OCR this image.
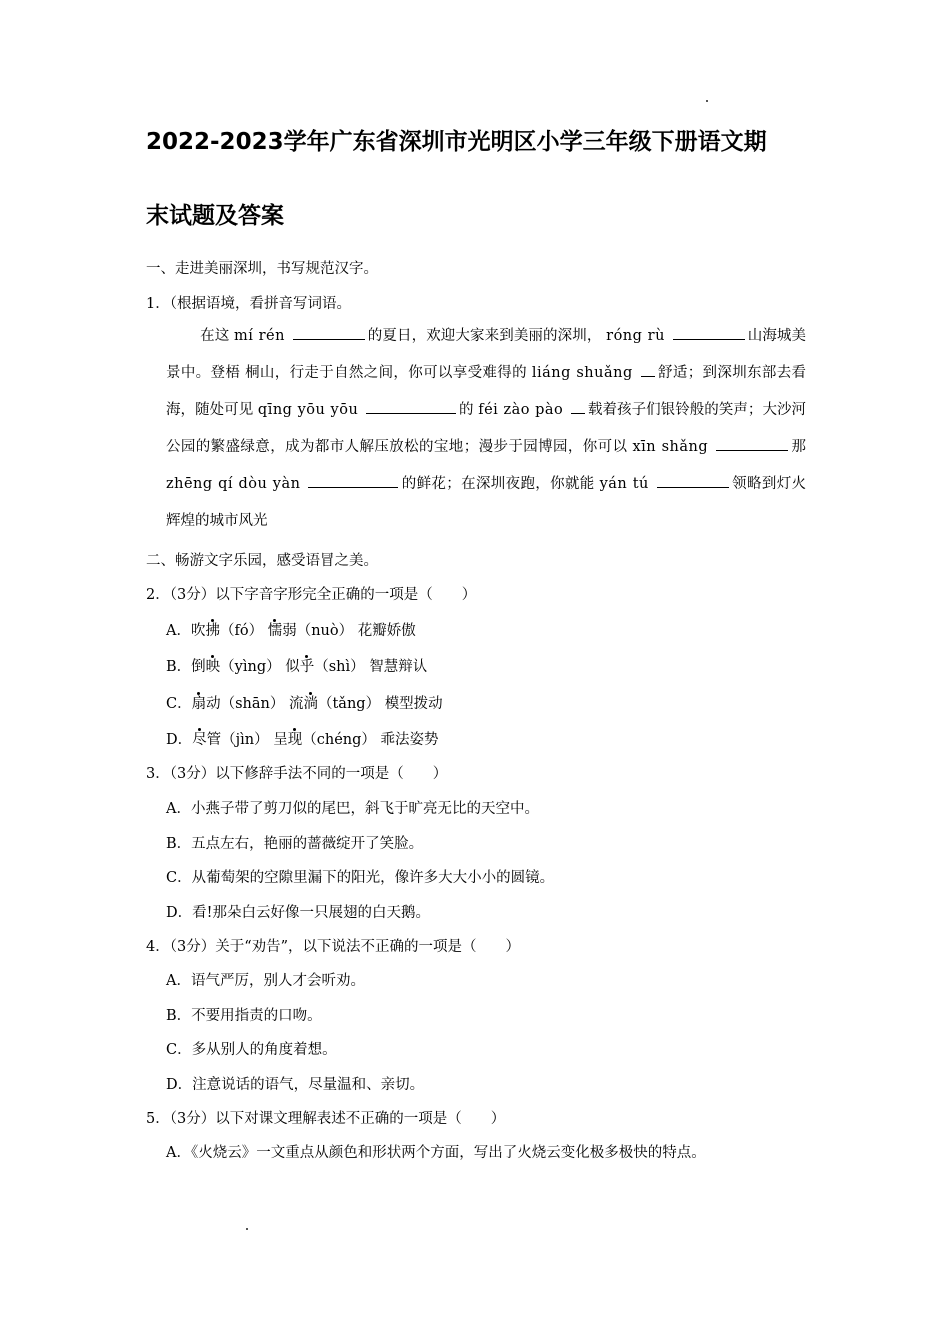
2022-2023学年广东省深圳市光明区小学三年级下册语文期
末试题及答案
一、走进美丽深圳，书写规范汉字。
1．（根据语境，看拼音写词语。
在这 mí rén	的夏日，欢迎大家来到美丽的深圳， róng rù	山海城美景中。登梧 桐山，行走于自然之间，你可以享受难得的 liáng shuǎng 舒适；到深圳东部去看海，随处可见 qīng yōu yōu	的 féi zào pào 载着孩子们银铃般的笑声；大沙河公园的繁盛绿意，成为都市人解压放松的宝地；漫步于园博园，你可以 xīn shǎng	那zhēng qí dòu yàn	的鲜花；在深圳夜跑，你就能 yán tú	领略到灯火辉煌的城市风光
二、畅游文字乐园，感受语冒之美。
2．（3分）以下字音字形完全正确的一项是（　　）
A．吹拂（fó） 懦弱（nuò） 花瓣娇傲
B．倒映（yìng） 似乎（shì） 智慧辩认
C．扇动（shān） 流淌（tǎng） 模型拨动
D．尽管（jìn） 呈现（chéng） 乖法姿势
3．（3分）以下修辞手法不同的一项是（　　）
A．小燕子带了剪刀似的尾巴，斜飞于旷亮无比的天空中。
B．五点左右，艳丽的蔷薇绽开了笑脸。
C．从葡萄架的空隙里漏下的阳光，像许多大大小小的圆镜。
D．看!那朵白云好像一只展翅的白天鹅。
4．（3分）关于“劝告”，以下说法不正确的一项是（　　）
A．语气严厉，别人才会听劝。
B．不要用指责的口吻。
C．多从别人的角度着想。
D．注意说话的语气，尽量温和、亲切。
5．（3分）以下对课文理解表述不正确的一项是（　　）
A．《火烧云》一文重点从颜色和形状两个方面，写出了火烧云变化极多极快的特点。
